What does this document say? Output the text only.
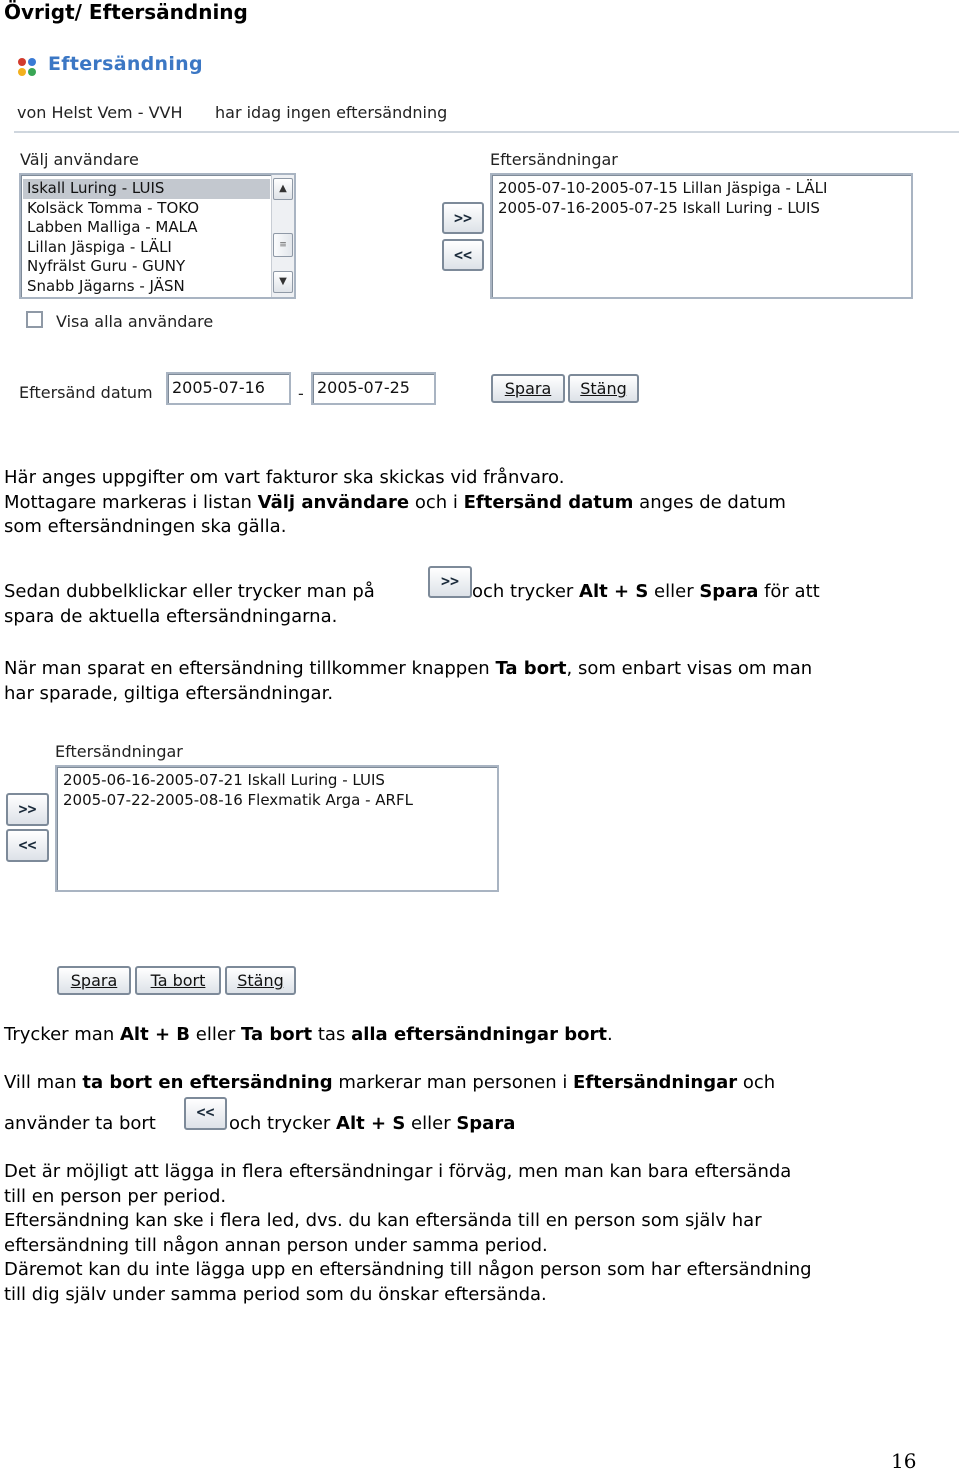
Övrigt/ Eftersändning
Eftersändning
von Helst Vem - VVH har idag ingen eftersändning
Välj användare
Iskall Luring - LUIS
Kolsäck Tomma - TOKO
Labben Malliga - MALA
Lillan Jäspiga - LÄLI
Nyfrälst Guru - GUNY
Snabb Jägarns - JÄSN
▲
≡
▼
Visa alla användare
>>
<<
Eftersändningar
2005-07-10-2005-07-15 Lillan Jäspiga - LÄLI
2005-07-16-2005-07-25 Iskall Luring - LUIS
Eftersänd datum	2005-07-16	- 2005-07-25	Spara	Stäng
Här anges uppgifter om vart fakturor ska skickas vid frånvaro.
Mottagare markeras i listan Välj användare och i Eftersänd datum anges de datum
som eftersändningen ska gälla.
Sedan dubbelklickar eller trycker man på
spara de aktuella eftersändningarna.
>> och trycker Alt + S eller Spara för att
När man sparat en eftersändning tillkommer knappen Ta bort, som enbart visas om man
har sparade, giltiga eftersändningar.
Eftersändningar
2005-06-16-2005-07-21 Iskall Luring - LUIS
2005-07-22-2005-08-16 Flexmatik Arga - ARFL
>>
<<
Spara	Ta bort	Stäng
Trycker man Alt + B eller Ta bort tas alla eftersändningar bort.
Vill man ta bort en eftersändning markerar man personen i Eftersändningar och
använder ta bort
<<
och trycker Alt + S eller Spara
Det är möjligt att lägga in flera eftersändningar i förväg, men man kan bara eftersända
till en person per period.
Eftersändning kan ske i flera led, dvs. du kan eftersända till en person som själv har
eftersändning till någon annan person under samma period.
Däremot kan du inte lägga upp en eftersändning till någon person som har eftersändning
till dig själv under samma period som du önskar eftersända.
16
